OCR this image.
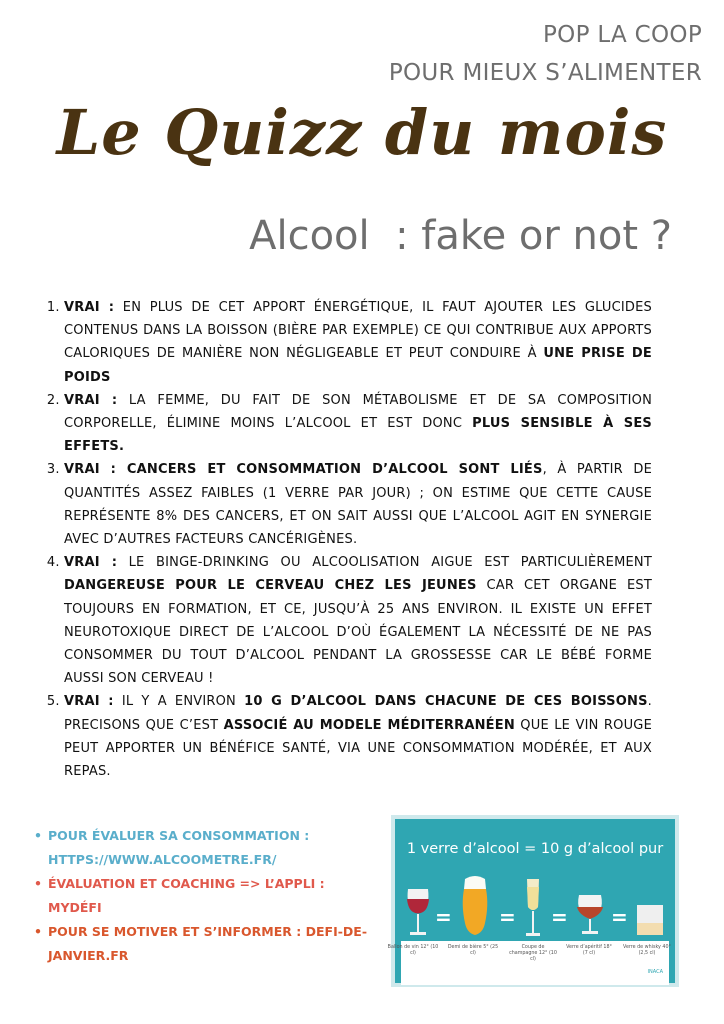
POP LA COOP
POUR MIEUX S’ALIMENTER
Le Quizz du mois
Alcool  : fake or not ?
1. VRAI : EN PLUS DE CET APPORT ÉNERGÉTIQUE, IL FAUT AJOUTER LES GLUCIDES CONTENUS DANS LA BOISSON (BIÈRE PAR EXEMPLE) CE QUI CONTRIBUE AUX APPORTS CALORIQUES DE MANIÈRE NON NÉGLIGEABLE ET PEUT CONDUIRE À UNE PRISE DE POIDS
2. VRAI : LA FEMME, DU FAIT DE SON MÉTABOLISME ET DE SA COMPOSITION CORPORELLE, ÉLIMINE MOINS L’ALCOOL ET EST DONC PLUS SENSIBLE À SES EFFETS.
3. VRAI : CANCERS ET CONSOMMATION D’ALCOOL SONT LIÉS, À PARTIR DE QUANTITÉS ASSEZ FAIBLES (1 VERRE PAR JOUR) ; ON ESTIME QUE CETTE CAUSE REPRÉSENTE 8% DES CANCERS, ET ON SAIT AUSSI QUE L’ALCOOL AGIT EN SYNERGIE AVEC D’AUTRES FACTEURS CANCÉRIGÈNES.
4. VRAI : LE BINGE-DRINKING OU ALCOOLISATION AIGUE EST PARTICULIÈREMENT DANGEREUSE POUR LE CERVEAU CHEZ LES JEUNES CAR CET ORGANE EST TOUJOURS EN FORMATION, ET CE, JUSQU’À 25 ANS ENVIRON. IL EXISTE UN EFFET NEUROTOXIQUE DIRECT DE L’ALCOOL D’OÙ ÉGALEMENT LA NÉCESSITÉ DE NE PAS CONSOMMER DU TOUT D’ALCOOL PENDANT LA GROSSESSE CAR LE BÉBÉ FORME AUSSI SON CERVEAU !
5. VRAI : IL Y A ENVIRON 10 G D’ALCOOL DANS CHACUNE DE CES BOISSONS. PRECISONS QUE C’EST ASSOCIÉ AU MODELE MÉDITERRANÉEN QUE LE VIN ROUGE PEUT APPORTER UN BÉNÉFICE SANTÉ, VIA UNE CONSOMMATION MODÉRÉE, ET AUX REPAS.
• POUR ÉVALUER SA CONSOMMATION : HTTPS://WWW.ALCOOMETRE.FR/
• ÉVALUATION ET COACHING => L’APPLI : MYDÉFI
• POUR SE MOTIVER ET S’INFORMER : DEFI-DE-JANVIER.FR
1 verre d’alcool = 10 g d’alcool pur
= = = =
Ballon de vin 12° (10 cl)
Demi de bière 5° (25 cl)
Coupe de champagne 12° (10 cl)
Verre d’apéritif 18° (7 cl)
Verre de whisky 40° (2,5 cl)
INACA
